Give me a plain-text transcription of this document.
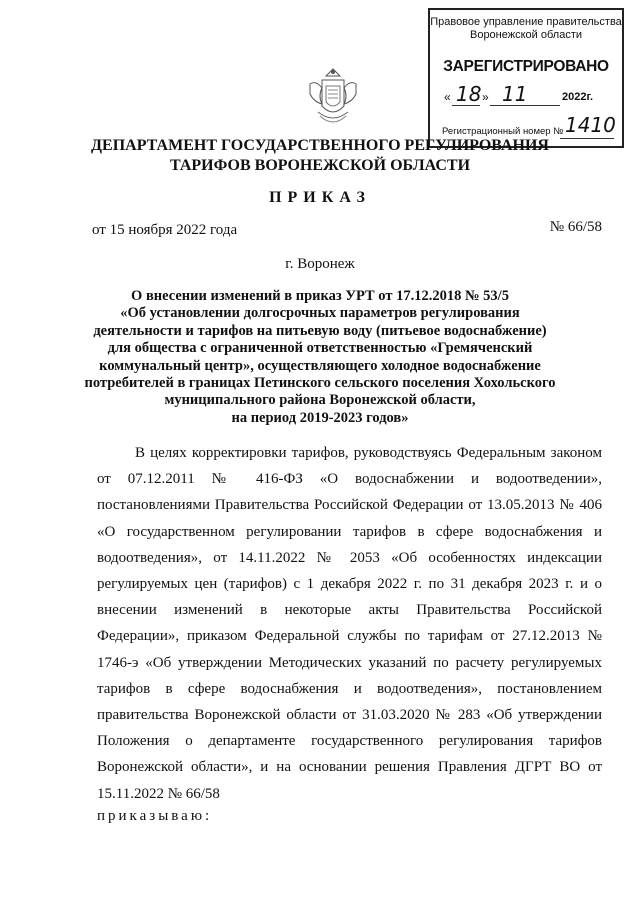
Правовое управление правительства
Воронежской области
ЗАРЕГИСТРИРОВАНО
« 18 » 11	2022г.
Регистрационный номер № 1410
ДЕПАРТАМЕНТ ГОСУДАРСТВЕННОГО РЕГУЛИРОВАНИЯ
ТАРИФОВ ВОРОНЕЖСКОЙ ОБЛАСТИ
ПРИКАЗ
от 15 ноября 2022 года	№ 66/58
г. Воронеж
О внесении изменений в приказ УРТ от 17.12.2018 № 53/5
«Об установлении долгосрочных параметров регулирования
деятельности и тарифов на питьевую воду (питьевое водоснабжение)
для общества с ограниченной ответственностью «Гремяченский
коммунальный центр», осуществляющего холодное водоснабжение
потребителей в границах Петинского сельского поселения Хохольского
муниципального района Воронежской области,
на период 2019-2023 годов»
В целях корректировки тарифов, руководствуясь Федеральным законом от 07.12.2011 № 416-ФЗ «О водоснабжении и водоотведении», постановлениями Правительства Российской Федерации от 13.05.2013 № 406 «О государственном регулировании тарифов в сфере водоснабжения и водоотведения», от 14.11.2022 № 2053 «Об особенностях индексации регулируемых цен (тарифов) с 1 декабря 2022 г. по 31 декабря 2023 г. и о внесении изменений в некоторые акты Правительства Российской Федерации», приказом Федеральной службы по тарифам от 27.12.2013 № 1746-э «Об утверждении Методических указаний по расчету регулируемых тарифов в сфере водоснабжения и водоотведения», постановлением правительства Воронежской области от 31.03.2020 № 283 «Об утверждении Положения о департаменте государственного регулирования тарифов Воронежской области», и на основании решения Правления ДГРТ ВО от 15.11.2022 № 66/58
приказываю:
